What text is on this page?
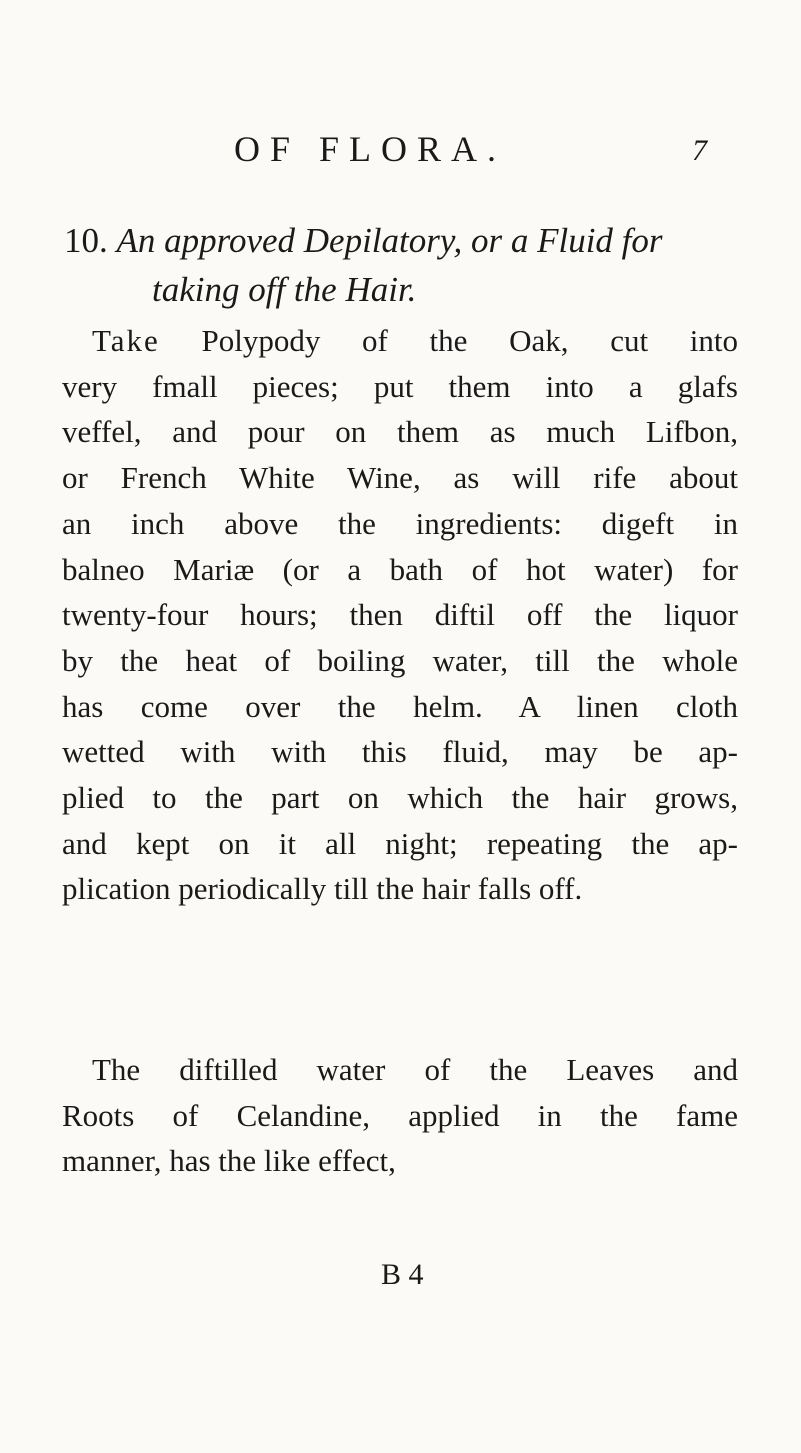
OF FLORA.	7
10. An approved Depilatory, or a Fluid for
taking off the Hair.
Take Polypody of the Oak, cut into
very fmall pieces; put them into a glafs
veffel, and pour on them as much Lifbon,
or French White Wine, as will rife about
an inch above the ingredients: digeft in
balneo Mariæ (or a bath of hot water) for
twenty-four hours; then diftil off the liquor
by the heat of boiling water, till the whole
has come over the helm. A linen cloth
wetted with with this fluid, may be ap-
plied to the part on which the hair grows,
and kept on it all night; repeating the ap-
plication periodically till the hair falls off.
The diftilled water of the Leaves and
Roots of Celandine, applied in the fame
manner, has the like effect,
B 4
